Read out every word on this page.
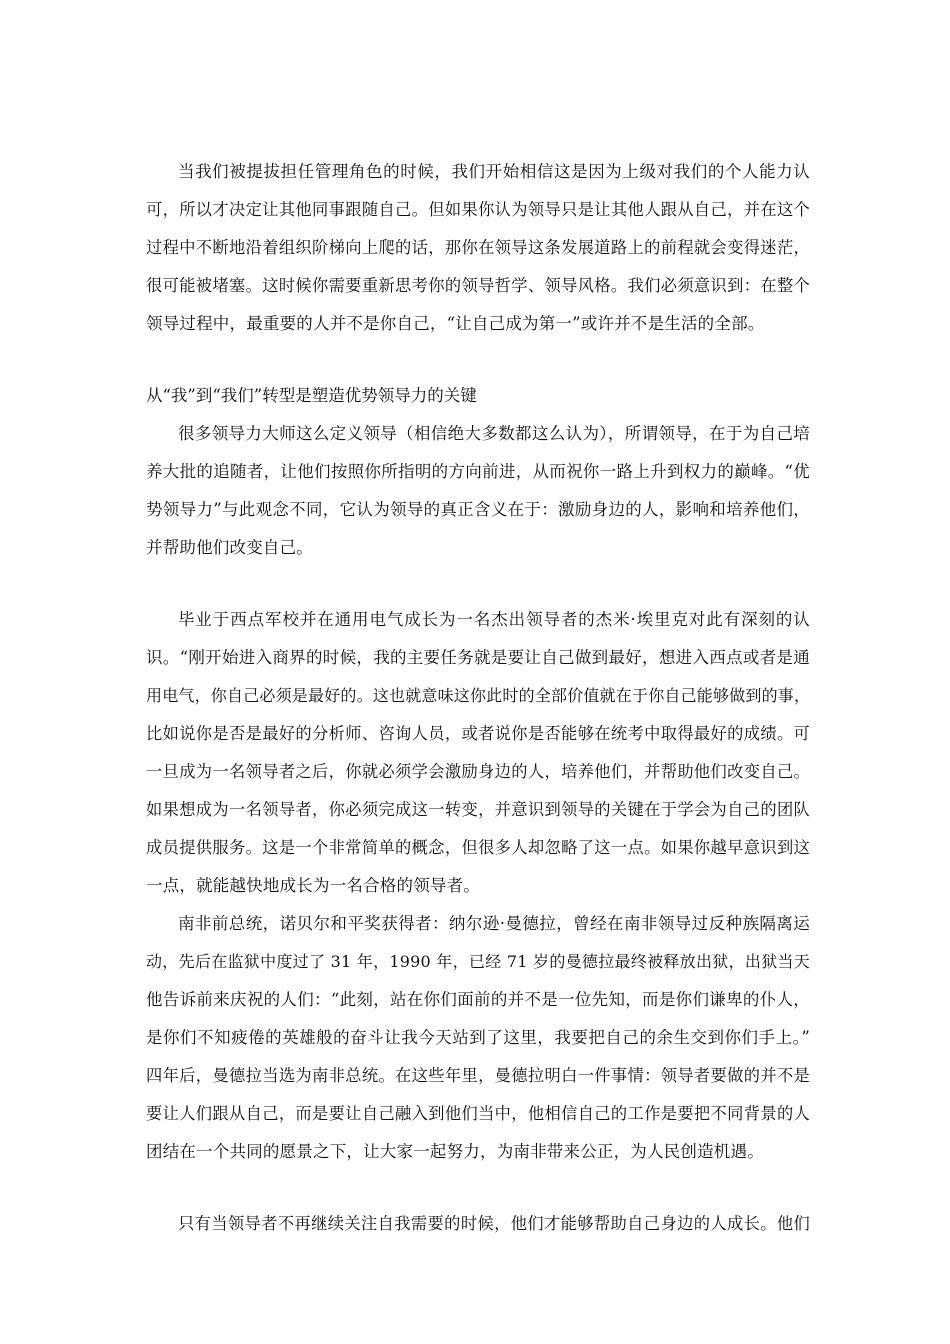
当我们被提拔担任管理角色的时候，我们开始相信这是因为上级对我们的个人能力认
可，所以才决定让其他同事跟随自己。但如果你认为领导只是让其他人跟从自己，并在这个
过程中不断地沿着组织阶梯向上爬的话，那你在领导这条发展道路上的前程就会变得迷茫，
很可能被堵塞。这时候你需要重新思考你的领导哲学、领导风格。我们必须意识到：在整个
领导过程中，最重要的人并不是你自己，“让自己成为第一”或许并不是生活的全部。
从“我”到“我们”转型是塑造优势领导力的关键
很多领导力大师这么定义领导（相信绝大多数都这么认为），所谓领导，在于为自己培
养大批的追随者，让他们按照你所指明的方向前进，从而祝你一路上升到权力的巅峰。“优
势领导力”与此观念不同，它认为领导的真正含义在于：激励身边的人，影响和培养他们，
并帮助他们改变自己。
毕业于西点军校并在通用电气成长为一名杰出领导者的杰米·埃里克对此有深刻的认
识。“刚开始进入商界的时候，我的主要任务就是要让自己做到最好，想进入西点或者是通
用电气，你自己必须是最好的。这也就意味这你此时的全部价值就在于你自己能够做到的事，
比如说你是否是最好的分析师、咨询人员，或者说你是否能够在统考中取得最好的成绩。可
一旦成为一名领导者之后，你就必须学会激励身边的人，培养他们，并帮助他们改变自己。
如果想成为一名领导者，你必须完成这一转变，并意识到领导的关键在于学会为自己的团队
成员提供服务。这是一个非常简单的概念，但很多人却忽略了这一点。如果你越早意识到这
一点，就能越快地成长为一名合格的领导者。
南非前总统，诺贝尔和平奖获得者：纳尔逊·曼德拉，曾经在南非领导过反种族隔离运
动，先后在监狱中度过了 31 年，1990 年，已经 71 岁的曼德拉最终被释放出狱，出狱当天
他告诉前来庆祝的人们：“此刻，站在你们面前的并不是一位先知，而是你们谦卑的仆人，
是你们不知疲倦的英雄般的奋斗让我今天站到了这里，我要把自己的余生交到你们手上。”
四年后，曼德拉当选为南非总统。在这些年里，曼德拉明白一件事情：领导者要做的并不是
要让人们跟从自己，而是要让自己融入到他们当中，他相信自己的工作是要把不同背景的人
团结在一个共同的愿景之下，让大家一起努力，为南非带来公正，为人民创造机遇。
只有当领导者不再继续关注自我需要的时候，他们才能够帮助自己身边的人成长。他们
